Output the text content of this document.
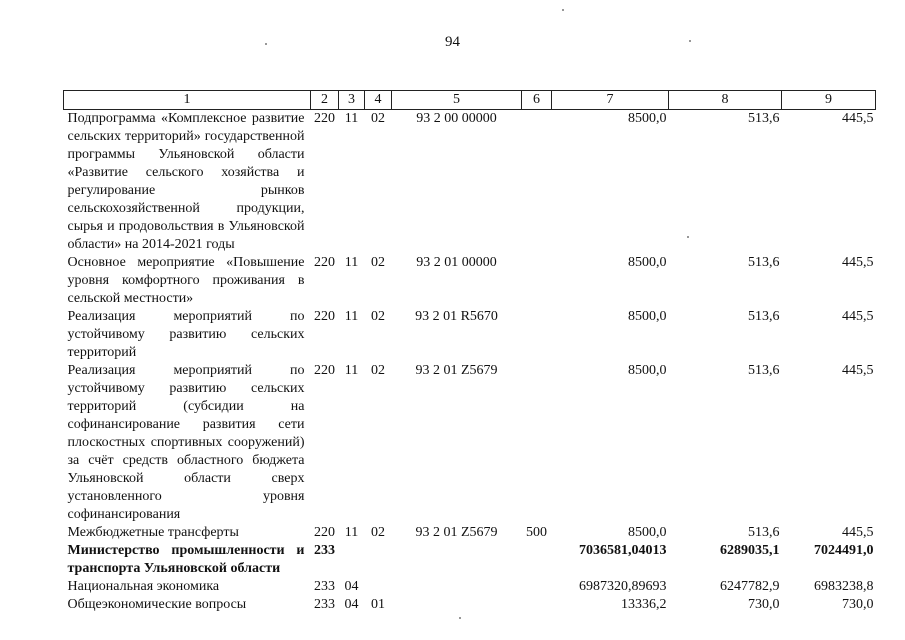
94
1	2	3	4	5	6	7	8	9
Подпрограмма «Комплексное развитие сельских территорий» государственной программы Ульяновской области «Развитие сельского хозяйства и регулирование рынков сельскохозяйственной продукции, сырья и продовольствия в Ульяновской области» на 2014-2021 годы	220	11	02	93 2 00 00000		8500,0	513,6	445,5
Основное мероприятие «Повышение уровня комфортного проживания в сельской местности»	220	11	02	93 2 01 00000		8500,0	513,6	445,5
Реализация мероприятий по устойчивому развитию сельских территорий	220	11	02	93 2 01 R5670		8500,0	513,6	445,5
Реализация мероприятий по устойчивому развитию сельских территорий (субсидии на софинансирование развития сети плоскостных спортивных сооружений) за счёт средств областного бюджета Ульяновской области сверх установленного уровня софинансирования	220	11	02	93 2 01 Z5679		8500,0	513,6	445,5
Межбюджетные трансферты	220	11	02	93 2 01 Z5679	500	8500,0	513,6	445,5
Министерство промышленности и транспорта Ульяновской области	233					7036581,04013	6289035,1	7024491,0
Национальная экономика	233	04				6987320,89693	6247782,9	6983238,8
Общеэкономические вопросы	233	04	01			13336,2	730,0	730,0
